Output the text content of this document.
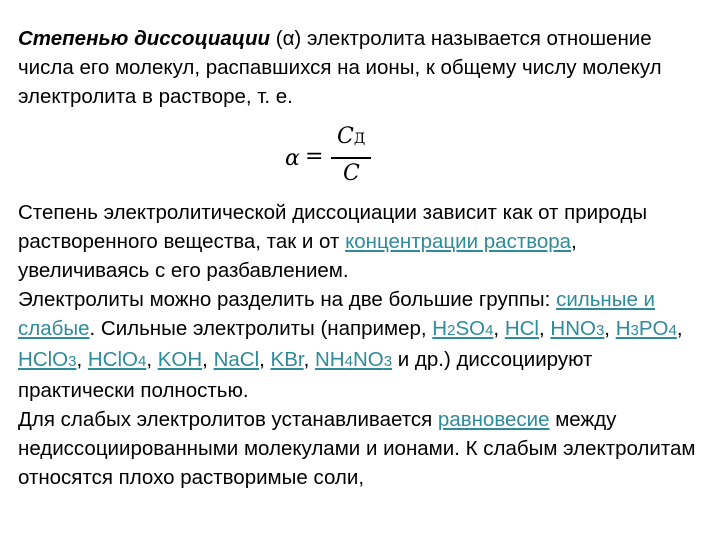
Степенью диссоциации (α) электролита называется отношение числа его молекул, распавшихся на ионы, к общему числу молекул электролита в растворе, т. е.

α =
CД
C

Степень электролитической диссоциации зависит как от природы растворенного вещества, так и от концентрации раствора, увеличиваясь с его разбавлением.
Электролиты можно разделить на две большие группы: сильные и слабые. Сильные электролиты (например, H2SO4, HCl, HNO3, H3PO4, HClO3, HClO4, KOH, NaCl, KBr, NH4NO3 и др.) диссоциируют практически полностью.
Для слабых электролитов устанавливается равновесие между недиссоциированными молекулами и ионами. К слабым электролитам относятся плохо растворимые соли,
